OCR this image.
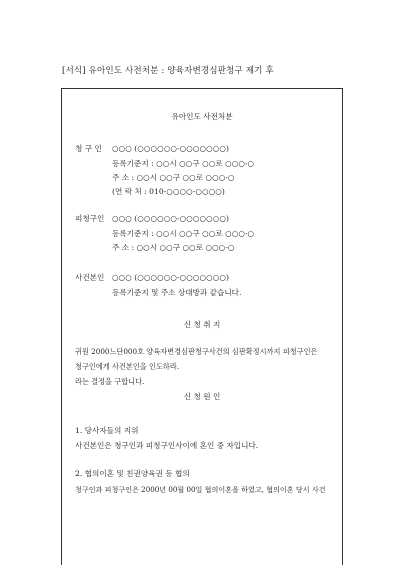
[서식] 유아인도 사전처분 : 양육자변경심판청구 제기 후
유아인도 사전처분
청 구 인 ○○○ (○○○○○○-○○○○○○○)
등록기준지 : ○○시 ○○구 ○○로 ○○○-○
주 소 : ○○시 ○○구 ○○로 ○○○-○
(연 락 처 : 010-○○○○-○○○○)
피청구인 ○○○ (○○○○○○-○○○○○○○)
등록기준지 : ○○시 ○○구 ○○로 ○○○-○
주 소 : ○○시 ○○구 ○○로 ○○○-○
사건본인 ○○○ (○○○○○○-○○○○○○○)
등록기준지 및 주소 상대방과 같습니다.
신 청 취 지
귀원 2000느단000호 양육자변경심판청구사건의 심판확정시까지 피청구인은
청구인에게 사건본인을 인도하라.
라는 결정을 구합니다.
신 청 원 인
1. 당사자들의 지위
사건본인은 청구인과 피청구인사이에 혼인 중 자입니다.
2. 협의이혼 및 친권양육권 등 협의
청구인과 피청구인은 2000년 00월 00일 협의이혼을 하였고, 협의이혼 당시 사건
